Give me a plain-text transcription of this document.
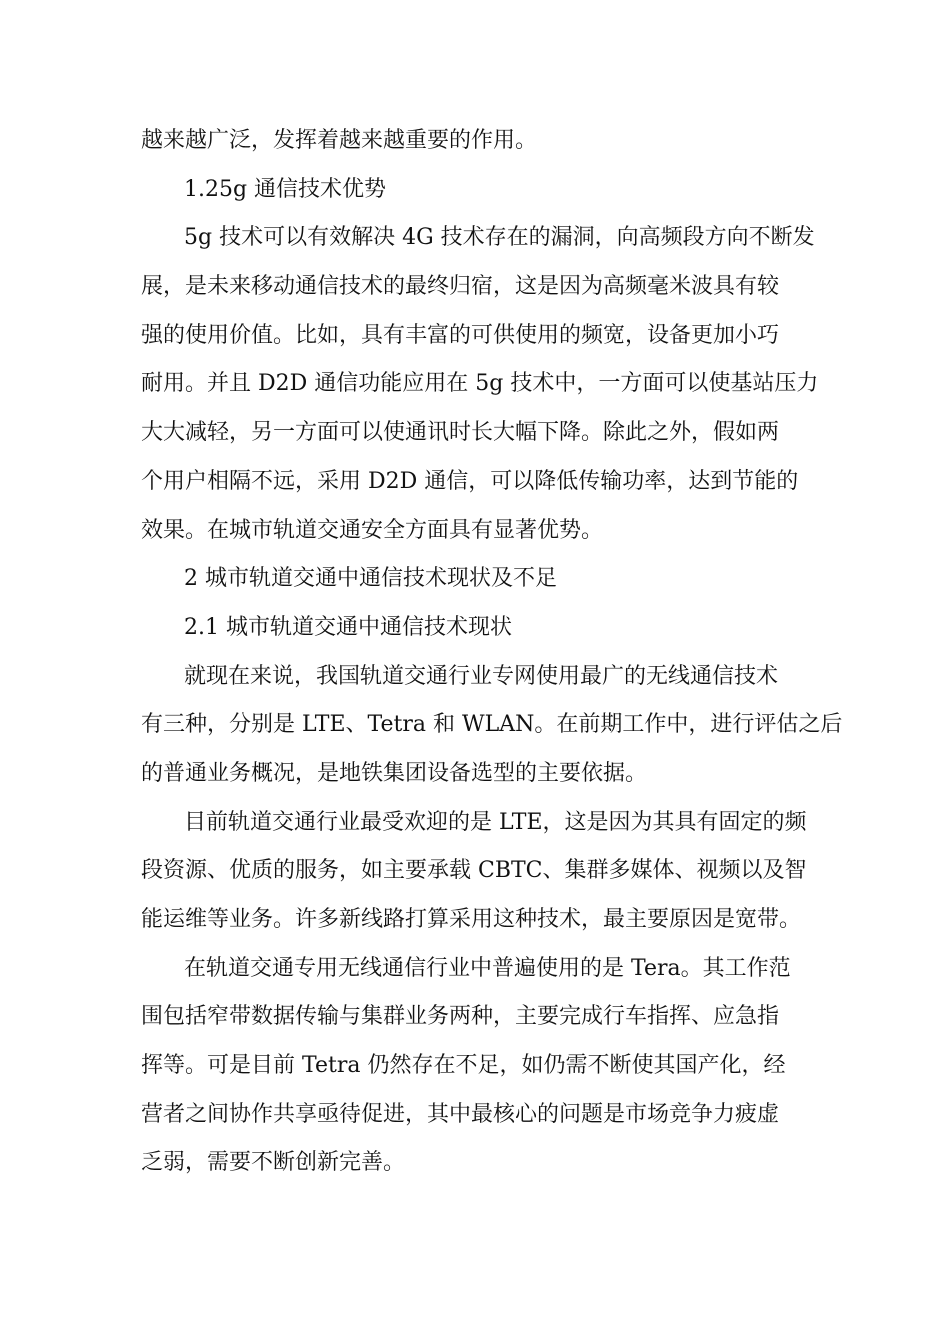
越来越广泛，发挥着越来越重要的作用。
1.25g 通信技术优势
5g 技术可以有效解决 4G 技术存在的漏洞，向高频段方向不断发
展，是未来移动通信技术的最终归宿，这是因为高频毫米波具有较
强的使用价值。比如，具有丰富的可供使用的频宽，设备更加小巧
耐用。并且 D2D 通信功能应用在 5g 技术中，一方面可以使基站压力
大大减轻，另一方面可以使通讯时长大幅下降。除此之外，假如两
个用户相隔不远，采用 D2D 通信，可以降低传输功率，达到节能的
效果。在城市轨道交通安全方面具有显著优势。
2 城市轨道交通中通信技术现状及不足
2.1 城市轨道交通中通信技术现状
就现在来说，我国轨道交通行业专网使用最广的无线通信技术
有三种，分别是 LTE、Tetra 和 WLAN。在前期工作中，进行评估之后
的普通业务概况，是地铁集团设备选型的主要依据。
目前轨道交通行业最受欢迎的是 LTE，这是因为其具有固定的频
段资源、优质的服务，如主要承载 CBTC、集群多媒体、视频以及智
能运维等业务。许多新线路打算采用这种技术，最主要原因是宽带。
在轨道交通专用无线通信行业中普遍使用的是 Tera。其工作范
围包括窄带数据传输与集群业务两种，主要完成行车指挥、应急指
挥等。可是目前 Tetra 仍然存在不足，如仍需不断使其国产化，经
营者之间协作共享亟待促进，其中最核心的问题是市场竞争力疲虚
乏弱，需要不断创新完善。
